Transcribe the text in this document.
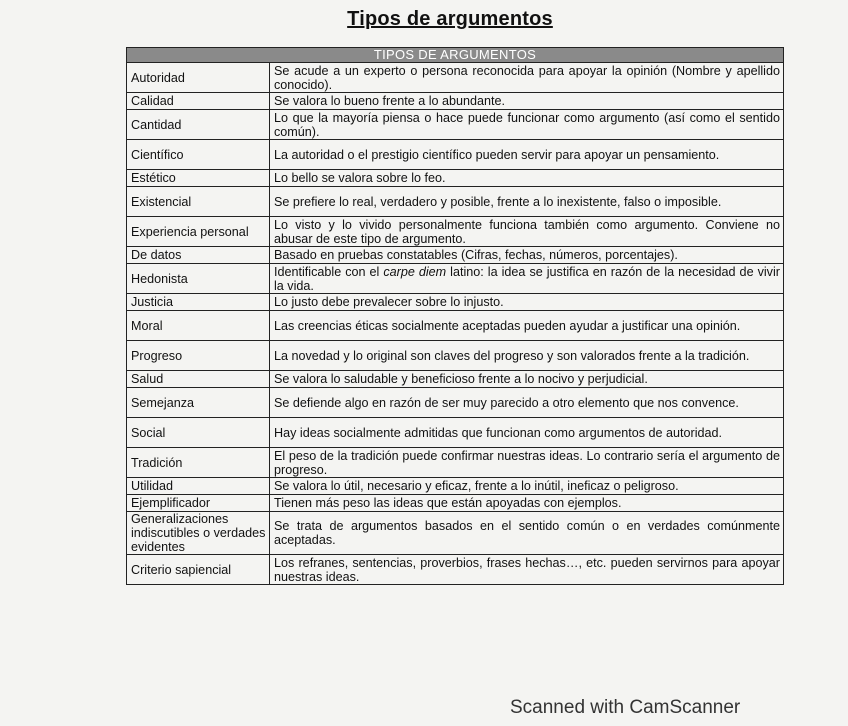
Tipos de argumentos
TIPOS DE ARGUMENTOS	
Autoridad	Se acude a un experto o persona reconocida para apoyar la opinión (Nombre y apellido conocido).
Calidad	Se valora lo bueno frente a lo abundante.
Cantidad	Lo que la mayoría piensa o hace puede funcionar como argumento (así como el sentido común).
Científico	La autoridad o el prestigio científico pueden servir para apoyar un pensamiento.
Estético	Lo bello se valora sobre lo feo.
Existencial	Se prefiere lo real, verdadero y posible, frente a lo inexistente, falso o imposible.
Experiencia personal	Lo visto y lo vivido personalmente funciona también como argumento. Conviene no abusar de este tipo de argumento.
De datos	Basado en pruebas constatables (Cifras, fechas, números, porcentajes).
Hedonista	Identificable con el carpe diem latino: la idea se justifica en razón de la necesidad de vivir la vida.
Justicia	Lo justo debe prevalecer sobre lo injusto.
Moral	Las creencias éticas socialmente aceptadas pueden ayudar a justificar una opinión.
Progreso	La novedad y lo original son claves del progreso y son valorados frente a la tradición.
Salud	Se valora lo saludable y beneficioso frente a lo nocivo y perjudicial.
Semejanza	Se defiende algo en razón de ser muy parecido a otro elemento que nos convence.
Social	Hay ideas socialmente admitidas que funcionan como argumentos de autoridad.
Tradición	El peso de la tradición puede confirmar nuestras ideas. Lo contrario sería el argumento de progreso.
Utilidad	Se valora lo útil, necesario y eficaz, frente a lo inútil, ineficaz o peligroso.
Ejemplificador	Tienen más peso las ideas que están apoyadas con ejemplos.
Generalizaciones indiscutibles o verdades evidentes	Se trata de argumentos basados en el sentido común o en verdades comúnmente aceptadas.
Criterio sapiencial	Los refranes, sentencias, proverbios, frases hechas…, etc. pueden servirnos para apoyar nuestras ideas.
Scanned with CamScanner
